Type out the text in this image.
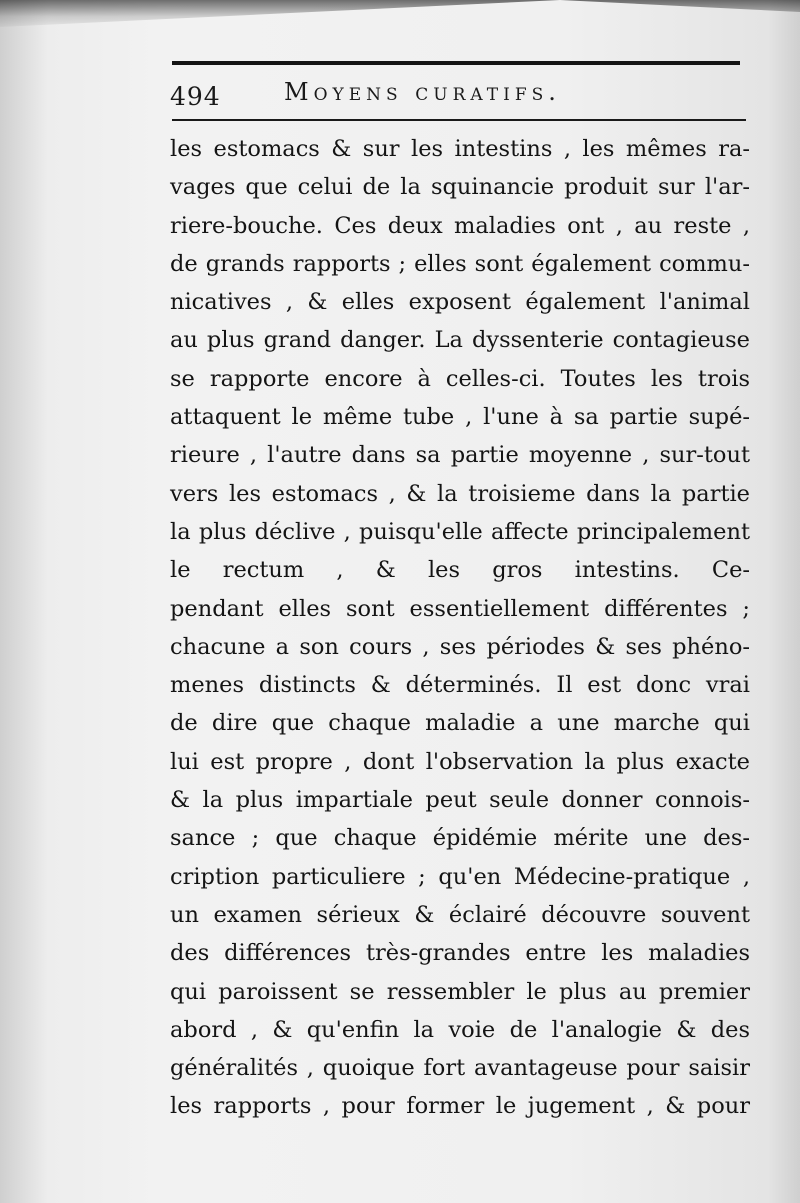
494	Moyens curatifs.
les estomacs & sur les intestins , les mêmes ra-
vages que celui de la squinancie produit sur l'ar-
riere-bouche. Ces deux maladies ont , au reste ,
de grands rapports ; elles sont également commu-
nicatives , & elles exposent également l'animal
au plus grand danger. La dyssenterie contagieuse
se rapporte encore à celles-ci. Toutes les trois
attaquent le même tube , l'une à sa partie supé-
rieure , l'autre dans sa partie moyenne , sur-tout
vers les estomacs , & la troisieme dans la partie
la plus déclive , puisqu'elle affecte principalement
le rectum , & les gros intestins. Ce-
pendant elles sont essentiellement différentes ;
chacune a son cours , ses périodes & ses phéno-
menes distincts & déterminés. Il est donc vrai
de dire que chaque maladie a une marche qui
lui est propre , dont l'observation la plus exacte
& la plus impartiale peut seule donner connois-
sance ; que chaque épidémie mérite une des-
cription particuliere ; qu'en Médecine-pratique ,
un examen sérieux & éclairé découvre souvent
des différences très-grandes entre les maladies
qui paroissent se ressembler le plus au premier
abord , & qu'enfin la voie de l'analogie & des
généralités , quoique fort avantageuse pour saisir
les rapports , pour former le jugement , & pour
